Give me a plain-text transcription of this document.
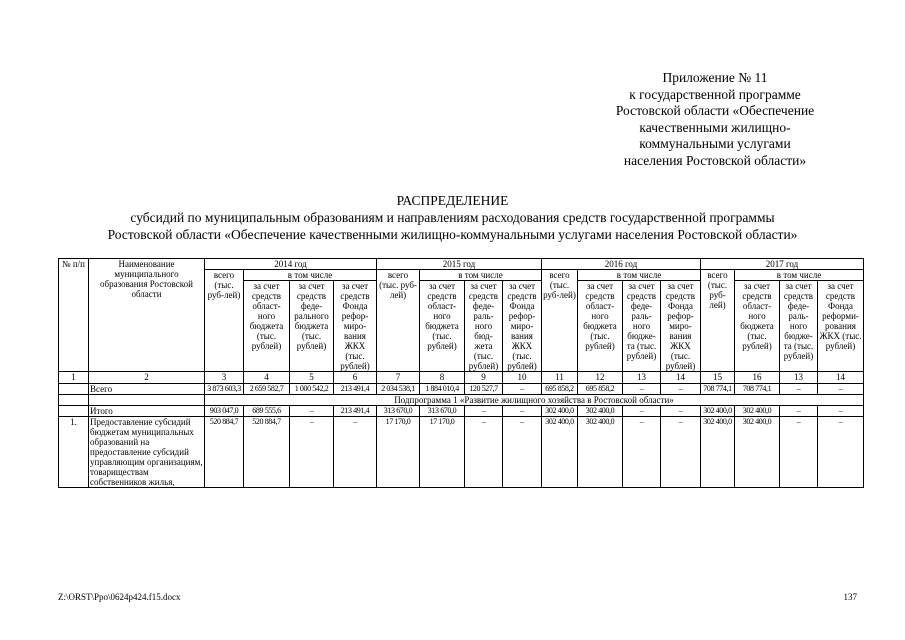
Приложение № 11
к государственной программе
Ростовской области «Обеспечение
качественными жилищно-
коммунальными услугами
населения Ростовской области»
РАСПРЕДЕЛЕНИЕ
субсидий по муниципальным образованиям и направлениям расходования средств государственной программы
Ростовской области «Обеспечение качественными жилищно-коммунальными услугами населения Ростовской области»
№ п/п	Наименование муниципального образования Ростовской области	2014 год				2015 год				2016 год				2017 год			
		всего (тыс. руб-лей)	в том числе			всего (тыс. руб-лей)	в том числе			всего (тыс. руб-лей)	в том числе			всего (тыс. руб-лей)	в том числе		
			за счет средств област-ного бюджета (тыс. рублей)	за счет средств феде-рального бюджета (тыс. рублей)	за счет средств Фонда рефор-миро-вания ЖКХ (тыс. рублей)		за счет средств област-ного бюджета (тыс. рублей)	за счет средств феде-раль-ного бюд-жета (тыс. рублей)	за счет средств Фонда рефор-миро-вания ЖКХ (тыс. рублей)		за счет средств област-ного бюджета (тыс. рублей)	за счет средств феде-раль-ного бюдже-та (тыс. рублей)	за счет средств Фонда рефор-миро-вания ЖКХ (тыс. рублей)		за счет средств област-ного бюджета (тыс. рублей)	за счет средств феде-раль-ного бюдже-та (тыс. рублей)	за счет средств Фонда реформи-рования ЖКХ (тыс. рублей)
1	2	3	4	5	6	7	8	9	10	11	12	13	14	15	16	13	14
	Всего	3 873 603,3	2 659 582,7	1 000 542,2	213 491,4	2 034 538,1	1 884 010,4	120 527,7	–	695 858,2	695 858,2	–	–	708 774,1	708 774,1	–	–
		Подпрограмма 1 «Развитие жилищного хозяйства в Ростовской области»															
	Итого	903 047,0	689 555,6	–	213 491,4	313 670,0	313 670,0	–	–	302 400,0	302 400,0	–	–	302 400,0	302 400,0	–	–
1.	Предоставление субсидий бюджетам муниципальных образований на предоставление субсидий управляющим организациям, товариществам собственников жилья,	520 884,7	520 884,7	–	–	17 170,0	17 170,0	–	–	302 400,0	302 400,0	–	–	302 400,0	302 400,0	–	–
Z:\ORST\Ppo\0624p424.f15.docx	137
